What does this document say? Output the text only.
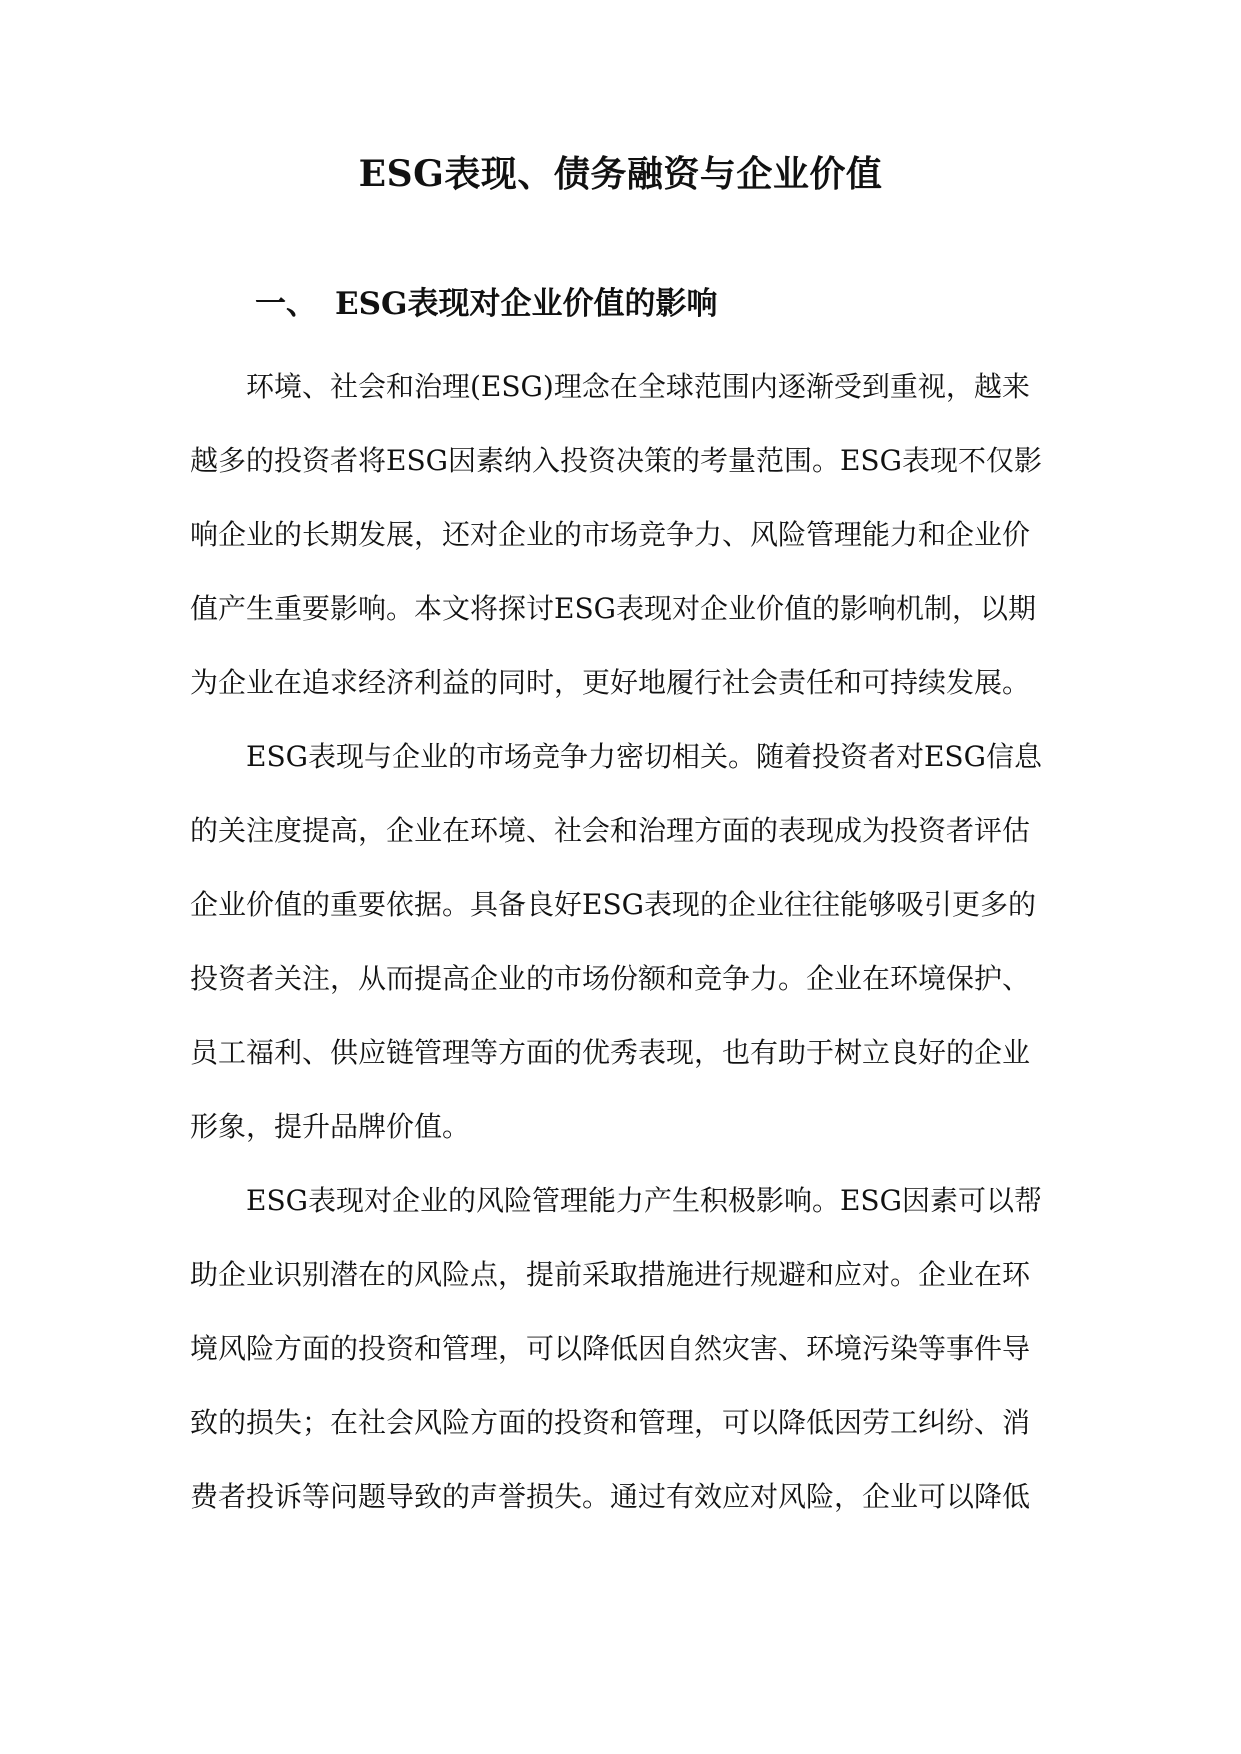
ESG表现、债务融资与企业价值
一、 ESG表现对企业价值的影响
环境、社会和治理(ESG)理念在全球范围内逐渐受到重视，越来
越多的投资者将ESG因素纳入投资决策的考量范围。ESG表现不仅影
响企业的长期发展，还对企业的市场竞争力、风险管理能力和企业价
值产生重要影响。本文将探讨ESG表现对企业价值的影响机制，以期
为企业在追求经济利益的同时，更好地履行社会责任和可持续发展。
ESG表现与企业的市场竞争力密切相关。随着投资者对ESG信息
的关注度提高，企业在环境、社会和治理方面的表现成为投资者评估
企业价值的重要依据。具备良好ESG表现的企业往往能够吸引更多的
投资者关注，从而提高企业的市场份额和竞争力。企业在环境保护、
员工福利、供应链管理等方面的优秀表现，也有助于树立良好的企业
形象，提升品牌价值。
ESG表现对企业的风险管理能力产生积极影响。ESG因素可以帮
助企业识别潜在的风险点，提前采取措施进行规避和应对。企业在环
境风险方面的投资和管理，可以降低因自然灾害、环境污染等事件导
致的损失；在社会风险方面的投资和管理，可以降低因劳工纠纷、消
费者投诉等问题导致的声誉损失。通过有效应对风险，企业可以降低
